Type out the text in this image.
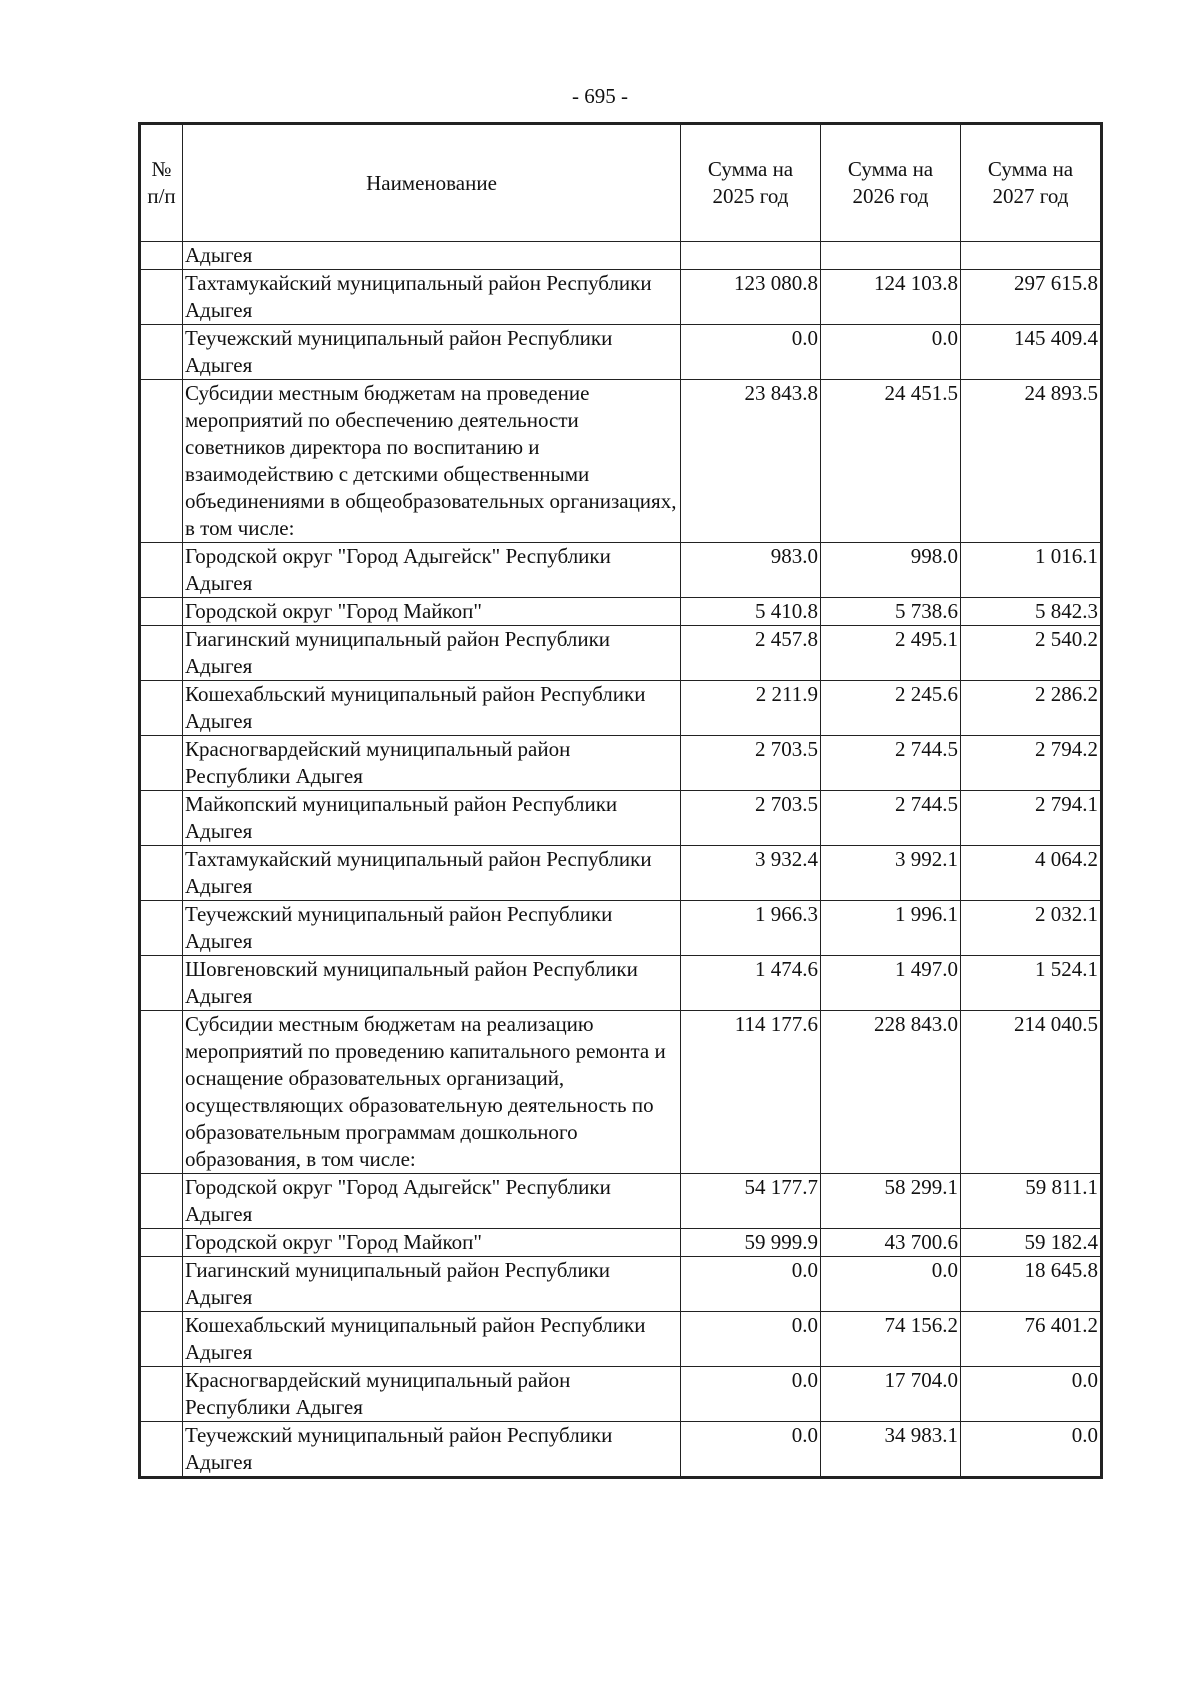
- 695 -
№ п/п	Наименование	Сумма на 2025 год	Сумма на 2026 год	Сумма на 2027 год
	Адыгея			
	Тахтамукайский муниципальный район Республики Адыгея	123 080.8	124 103.8	297 615.8
	Теучежский муниципальный район Республики Адыгея	0.0	0.0	145 409.4
	Субсидии местным бюджетам на проведение мероприятий по обеспечению деятельности советников директора по воспитанию и взаимодействию с детскими общественными объединениями в общеобразовательных организациях, в том числе:	23 843.8	24 451.5	24 893.5
	Городской округ "Город Адыгейск" Республики Адыгея	983.0	998.0	1 016.1
	Городской округ "Город Майкоп"	5 410.8	5 738.6	5 842.3
	Гиагинский муниципальный район Республики Адыгея	2 457.8	2 495.1	2 540.2
	Кошехабльский муниципальный район Республики Адыгея	2 211.9	2 245.6	2 286.2
	Красногвардейский муниципальный район Республики Адыгея	2 703.5	2 744.5	2 794.2
	Майкопский муниципальный район Республики Адыгея	2 703.5	2 744.5	2 794.1
	Тахтамукайский муниципальный район Республики Адыгея	3 932.4	3 992.1	4 064.2
	Теучежский муниципальный район Республики Адыгея	1 966.3	1 996.1	2 032.1
	Шовгеновский муниципальный район Республики Адыгея	1 474.6	1 497.0	1 524.1
	Субсидии местным бюджетам на реализацию мероприятий по проведению капитального ремонта и оснащение образовательных организаций, осуществляющих образовательную деятельность по образовательным программам дошкольного образования, в том числе:	114 177.6	228 843.0	214 040.5
	Городской округ "Город Адыгейск" Республики Адыгея	54 177.7	58 299.1	59 811.1
	Городской округ "Город Майкоп"	59 999.9	43 700.6	59 182.4
	Гиагинский муниципальный район Республики Адыгея	0.0	0.0	18 645.8
	Кошехабльский муниципальный район Республики Адыгея	0.0	74 156.2	76 401.2
	Красногвардейский муниципальный район Республики Адыгея	0.0	17 704.0	0.0
	Теучежский муниципальный район Республики Адыгея	0.0	34 983.1	0.0
